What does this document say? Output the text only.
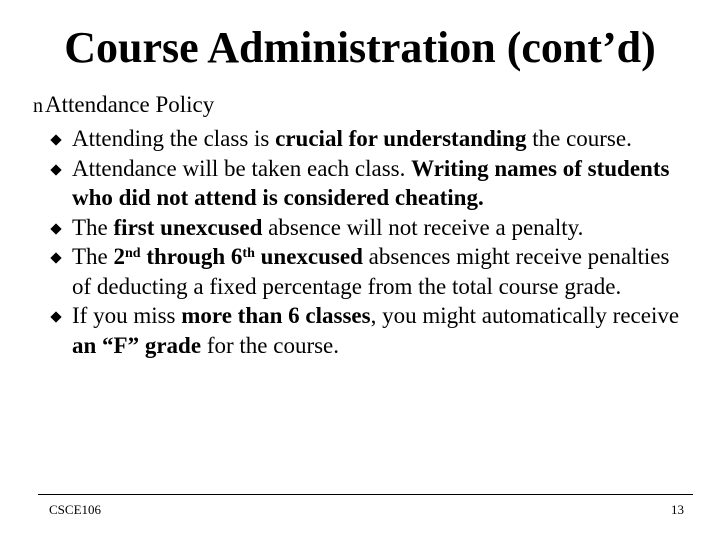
Course Administration (cont’d)
nAttendance Policy
Attending the class is crucial for understanding the course.
Attendance will be taken each class. Writing names of students who did not attend is considered cheating.
The first unexcused absence will not receive a penalty.
The 2nd through 6th unexcused absences might receive penalties of deducting a fixed percentage from the total course grade.
If you miss more than 6 classes, you might automatically receive an “F” grade for the course.
CSCE106	13
